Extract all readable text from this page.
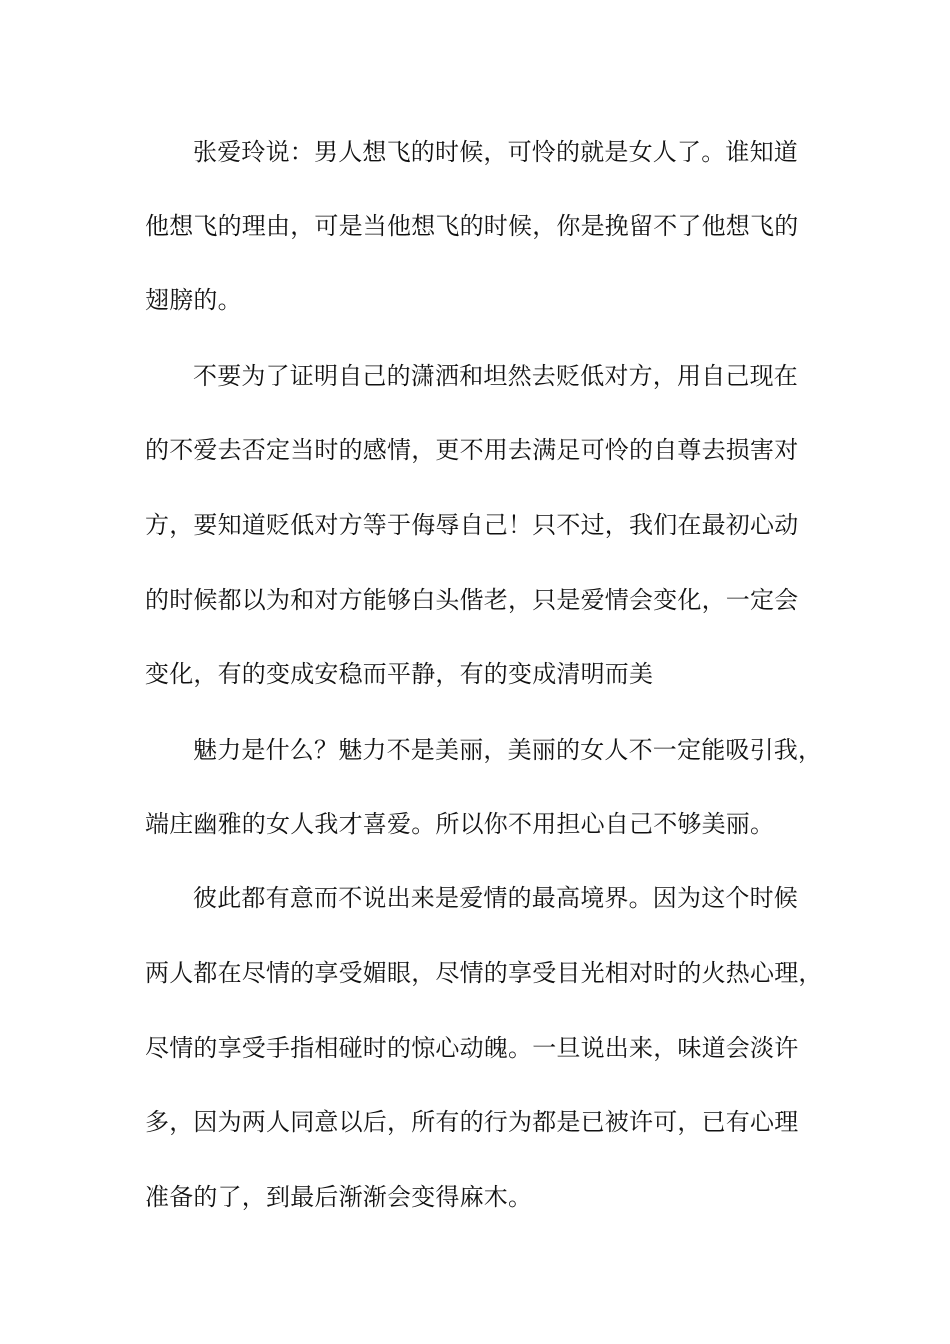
张爱玲说：男人想飞的时候，可怜的就是女人了。谁知道
他想飞的理由，可是当他想飞的时候，你是挽留不了他想飞的
翅膀的。
不要为了证明自己的潇洒和坦然去贬低对方，用自己现在
的不爱去否定当时的感情，更不用去满足可怜的自尊去损害对
方，要知道贬低对方等于侮辱自己！只不过，我们在最初心动
的时候都以为和对方能够白头偕老，只是爱情会变化，一定会
变化，有的变成安稳而平静，有的变成清明而美
魅力是什么？魅力不是美丽，美丽的女人不一定能吸引我，
端庄幽雅的女人我才喜爱。所以你不用担心自己不够美丽。
彼此都有意而不说出来是爱情的最高境界。因为这个时候
两人都在尽情的享受媚眼，尽情的享受目光相对时的火热心理，
尽情的享受手指相碰时的惊心动魄。一旦说出来，味道会淡许
多，因为两人同意以后，所有的行为都是已被许可，已有心理
准备的了，到最后渐渐会变得麻木。
